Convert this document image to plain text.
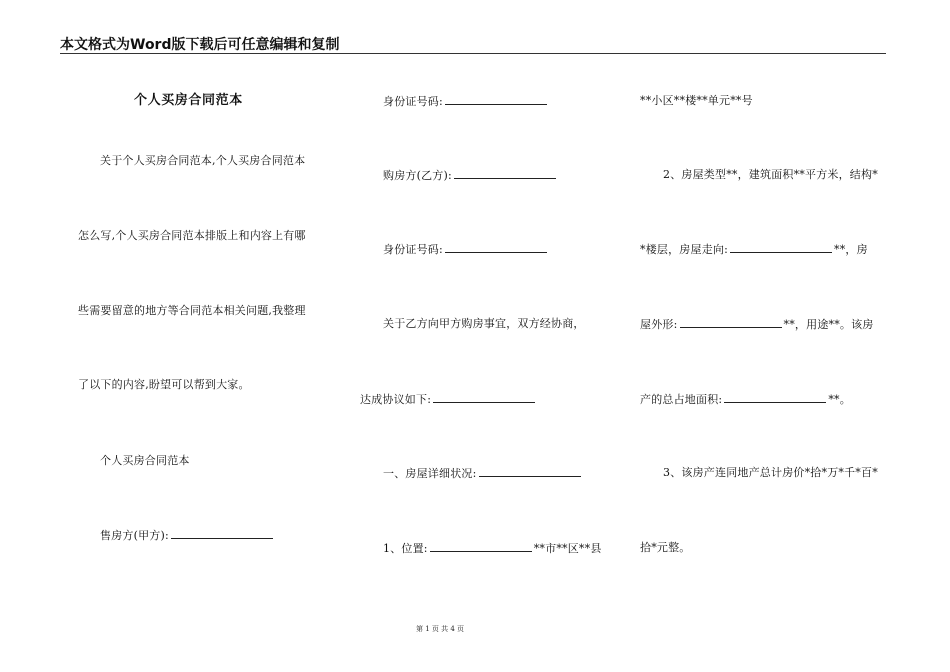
本文格式为Word版下载后可任意编辑和复制
个人买房合同范本
关于个人买房合同范本,个人买房合同范本
怎么写,个人买房合同范本排版上和内容上有哪
些需要留意的地方等合同范本相关问题,我整理
了以下的内容,盼望可以帮到大家。
个人买房合同范本
售房方(甲方):
身份证号码:
购房方(乙方):
身份证号码:
关于乙方向甲方购房事宜，双方经协商，
达成协议如下:
一、房屋详细状况:
1、位置:	**市**区**县
**小区**楼**单元**号
2、房屋类型**，建筑面积**平方米，结构*
*楼层，房屋走向:	**，房
屋外形:	**，用途**。该房
产的总占地面积:	**。
3、该房产连同地产总计房价*拾*万*千*百*
拾*元整。
第 1 页 共 4 页
